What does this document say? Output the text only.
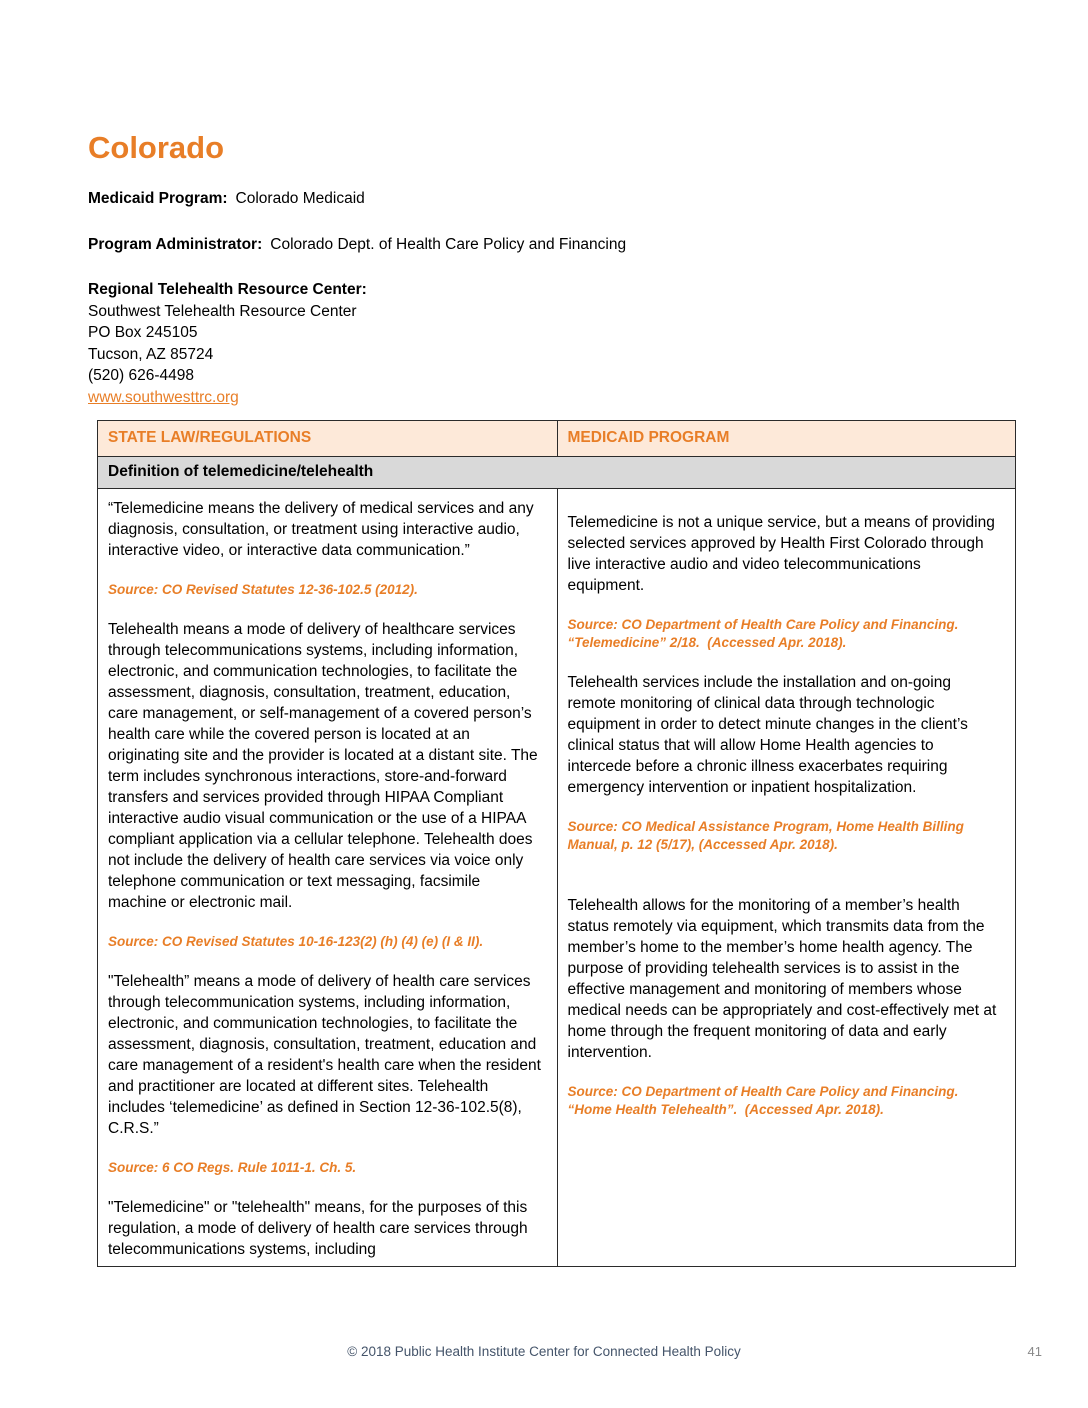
Colorado

Medicaid Program: Colorado Medicaid

Program Administrator: Colorado Dept. of Health Care Policy and Financing

Regional Telehealth Resource Center:
Southwest Telehealth Resource Center
PO Box 245105
Tucson, AZ 85724
(520) 626-4498
www.southwesttrc.org
STATE LAW/REGULATIONS	MEDICAID PROGRAM
Definition of telemedicine/telehealth
“Telemedicine means the delivery of medical services and any diagnosis, consultation, or treatment using interactive audio, interactive video, or interactive data communication.”
Source: CO Revised Statutes 12-36-102.5 (2012).
Telehealth means a mode of delivery of healthcare services through telecommunications systems, including information, electronic, and communication technologies, to facilitate the assessment, diagnosis, consultation, treatment, education, care management, or self-management of a covered person’s health care while the covered person is located at an originating site and the provider is located at a distant site. The term includes synchronous interactions, store-and-forward transfers and services provided through HIPAA Compliant interactive audio visual communication or the use of a HIPAA compliant application via a cellular telephone. Telehealth does not include the delivery of health care services via voice only telephone communication or text messaging, facsimile machine or electronic mail.
Source: CO Revised Statutes 10-16-123(2) (h) (4) (e) (I & II).
"Telehealth” means a mode of delivery of health care services through telecommunication systems, including information, electronic, and communication technologies, to facilitate the assessment, diagnosis, consultation, treatment, education and care management of a resident's health care when the resident and practitioner are located at different sites. Telehealth includes ‘telemedicine’ as defined in Section 12-36-102.5(8), C.R.S.”
Source: 6 CO Regs. Rule 1011-1. Ch. 5.
"Telemedicine" or "telehealth" means, for the purposes of this regulation, a mode of delivery of health care services through telecommunications systems, including
Telemedicine is not a unique service, but a means of providing selected services approved by Health First Colorado through live interactive audio and video telecommunications equipment.
Source: CO Department of Health Care Policy and Financing. “Telemedicine” 2/18.  (Accessed Apr. 2018).
Telehealth services include the installation and on-going remote monitoring of clinical data through technologic equipment in order to detect minute changes in the client’s clinical status that will allow Home Health agencies to intercede before a chronic illness exacerbates requiring emergency intervention or inpatient hospitalization.
Source: CO Medical Assistance Program, Home Health Billing Manual, p. 12 (5/17), (Accessed Apr. 2018).
Telehealth allows for the monitoring of a member’s health status remotely via equipment, which transmits data from the member’s home to the member’s home health agency. The purpose of providing telehealth services is to assist in the effective management and monitoring of members whose medical needs can be appropriately and cost-effectively met at home through the frequent monitoring of data and early intervention.
Source: CO Department of Health Care Policy and Financing. “Home Health Telehealth”.  (Accessed Apr. 2018).
© 2018 Public Health Institute Center for Connected Health Policy	41
